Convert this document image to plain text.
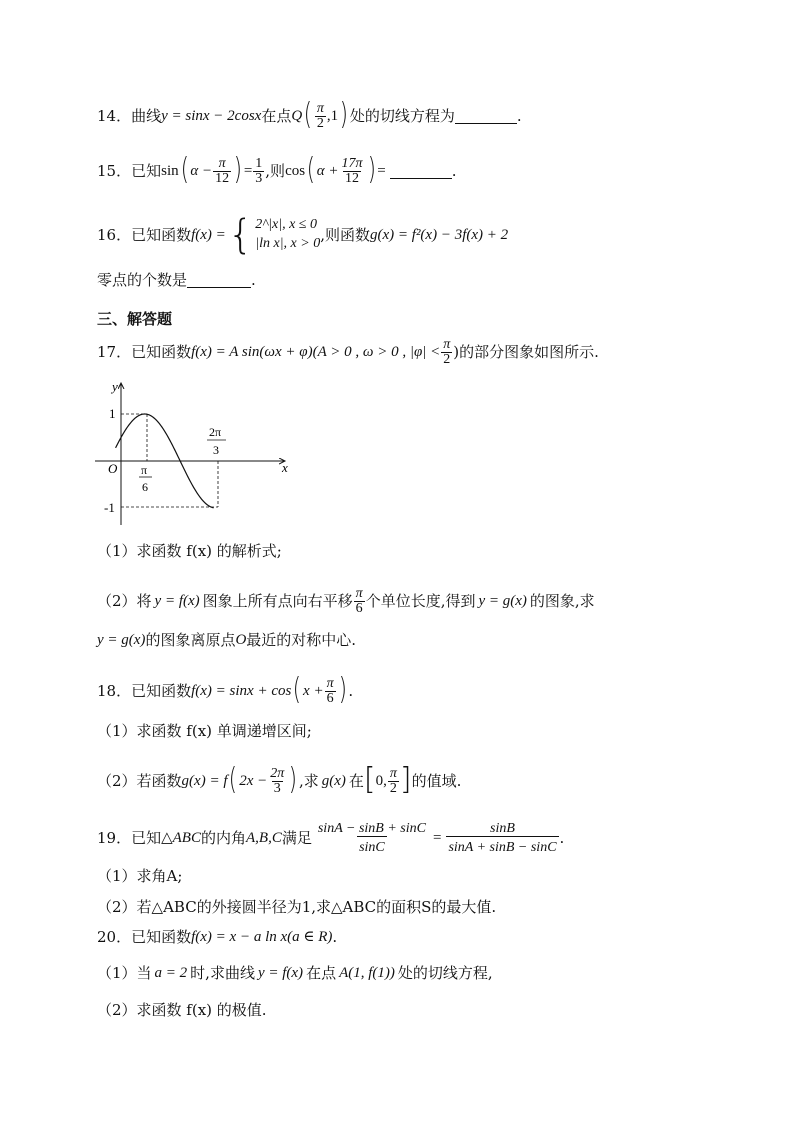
14． 曲线 y = sinx − 2cosx 在点 Q ( $\frac{\pi}{2} ,1$ ) 处的切线方程为	.
15． 已知 sin ( $\alpha - \frac{\pi}{12}$ ) = $\frac{1}{3}$ ,则 cos ( $\alpha + \frac{17\pi}{12}$ ) =	.
16． 已知函数 f(x) = { 2^|x|, x ≤ 0
|ln x|, x > 0 ,则函数 g(x) = f²(x) − 3f(x) + 2
零点的个数是	.
三、解答题
17． 已知函数 f(x) = A sin(ωx + φ) (A > 0 , ω > 0 , $|\varphi| < \frac{\pi}{2}$ )的部分图象如图所示.
y
x
O
1
-1
π
6
2π
3
（1）求函数 f(x) 的解析式;
（2）将 y = f(x) 图象上所有点向右平移 $\frac{\pi}{6}$ 个单位长度,得到 y = g(x) 的图象,求
y = g(x) 的图象离原点 O 最近的对称中心.
18． 已知函数 f(x) = sinx + cos ( $x + \frac{\pi}{6}$ ) .
（1）求函数 f(x) 单调递增区间;
（2）若函数 g(x) = f ( $2x - \frac{2\pi}{3}$ ) ,求 g(x) 在 [ 0, $\frac{\pi}{2}$ ] 的值域.
19． 已知 △ABC 的内角 A,B,C 满足 $\frac{\sin A - \sin B + \sin C}{\sin C} = \frac{\sin B}{\sin A + \sin B - \sin C}$ .
（1）求角A;
（2）若△ABC的外接圆半径为1,求△ABC的面积S的最大值.
20． 已知函数 f(x) = x − a ln x(a ∈ R) .
（1）当 a = 2 时,求曲线 y = f(x) 在点 A(1, f(1)) 处的切线方程,
（2）求函数 f(x) 的极值.
